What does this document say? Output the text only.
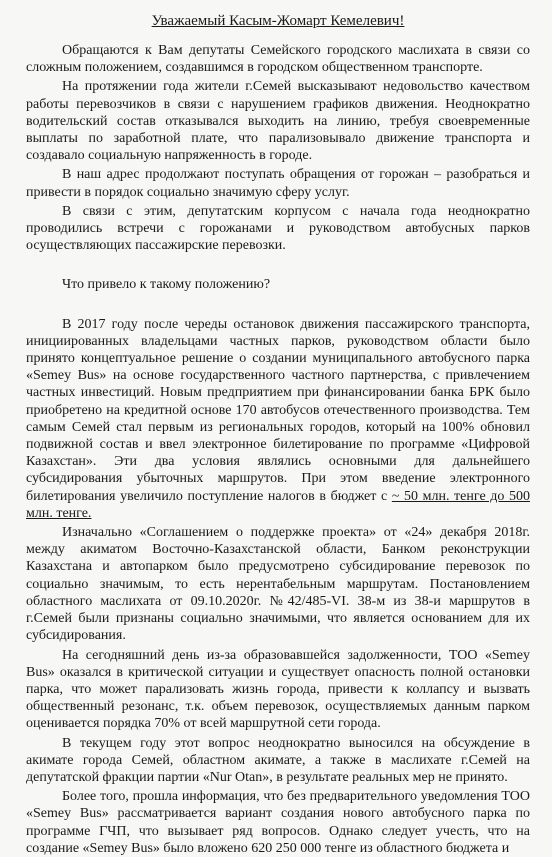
Уважаемый Касым-Жомарт Кемелевич!

Обращаются к Вам депутаты Семейского городского маслихата в связи со сложным положением, создавшимся в городском общественном транспорте.

На протяжении года жители г.Семей высказывают недовольство качеством работы перевозчиков в связи с нарушением графиков движения. Неоднократно водительский состав отказывался выходить на линию, требуя своевременные выплаты по заработной плате, что парализовывало движение транспорта и создавало социальную напряженность в городе.

В наш адрес продолжают поступать обращения от горожан – разобраться и привести в порядок социально значимую сферу услуг.

В связи с этим, депутатским корпусом с начала года неоднократно проводились встречи с горожанами и руководством автобусных парков осуществляющих пассажирские перевозки.

Что привело к такому положению?

В 2017 году после череды остановок движения пассажирского транспорта, инициированных владельцами частных парков, руководством области было принято концептуальное решение о создании муниципального автобусного парка «Semey Bus» на основе государственного частного партнерства, с привлечением частных инвестиций. Новым предприятием при финансировании банка БРК было приобретено на кредитной основе 170 автобусов отечественного производства. Тем самым Семей стал первым из региональных городов, который на 100% обновил подвижной состав и ввел электронное билетирование по программе «Цифровой Казахстан». Эти два условия являлись основными для дальнейшего субсидирования убыточных маршрутов. При этом введение электронного билетирования увеличило поступление налогов в бюджет с ~ 50 млн. тенге до 500 млн. тенге.

Изначально «Соглашением о поддержке проекта» от «24» декабря 2018г. между акиматом Восточно-Казахстанской области, Банком реконструкции Казахстана и автопарком было предусмотрено субсидирование перевозок по социально значимым, то есть нерентабельным маршрутам. Постановлением областного маслихата от 09.10.2020г. №42/485-VI. 38-м из 38-и маршрутов в г.Семей были признаны социально значимыми, что является основанием для их субсидирования.

На сегодняшний день из-за образовавшейся задолженности, ТОО «Semey Bus» оказался в критической ситуации и существует опасность полной остановки парка, что может парализовать жизнь города, привести к коллапсу и вызвать общественный резонанс, т.к. объем перевозок, осуществляемых данным парком оценивается порядка 70% от всей маршрутной сети города.

В текущем году этот вопрос неоднократно выносился на обсуждение в акимате города Семей, областном акимате, а также в маслихате г.Семей на депутатской фракции партии «Nur Otan», в результате реальных мер не принято.

Более того, прошла информация, что без предварительного уведомления ТОО «Semey Bus» рассматривается вариант создания нового автобусного парка по программе ГЧП, что вызывает ряд вопросов. Однако следует учесть, что на создание «Semey Bus» было вложено 620 250 000 тенге из областного бюджета и
